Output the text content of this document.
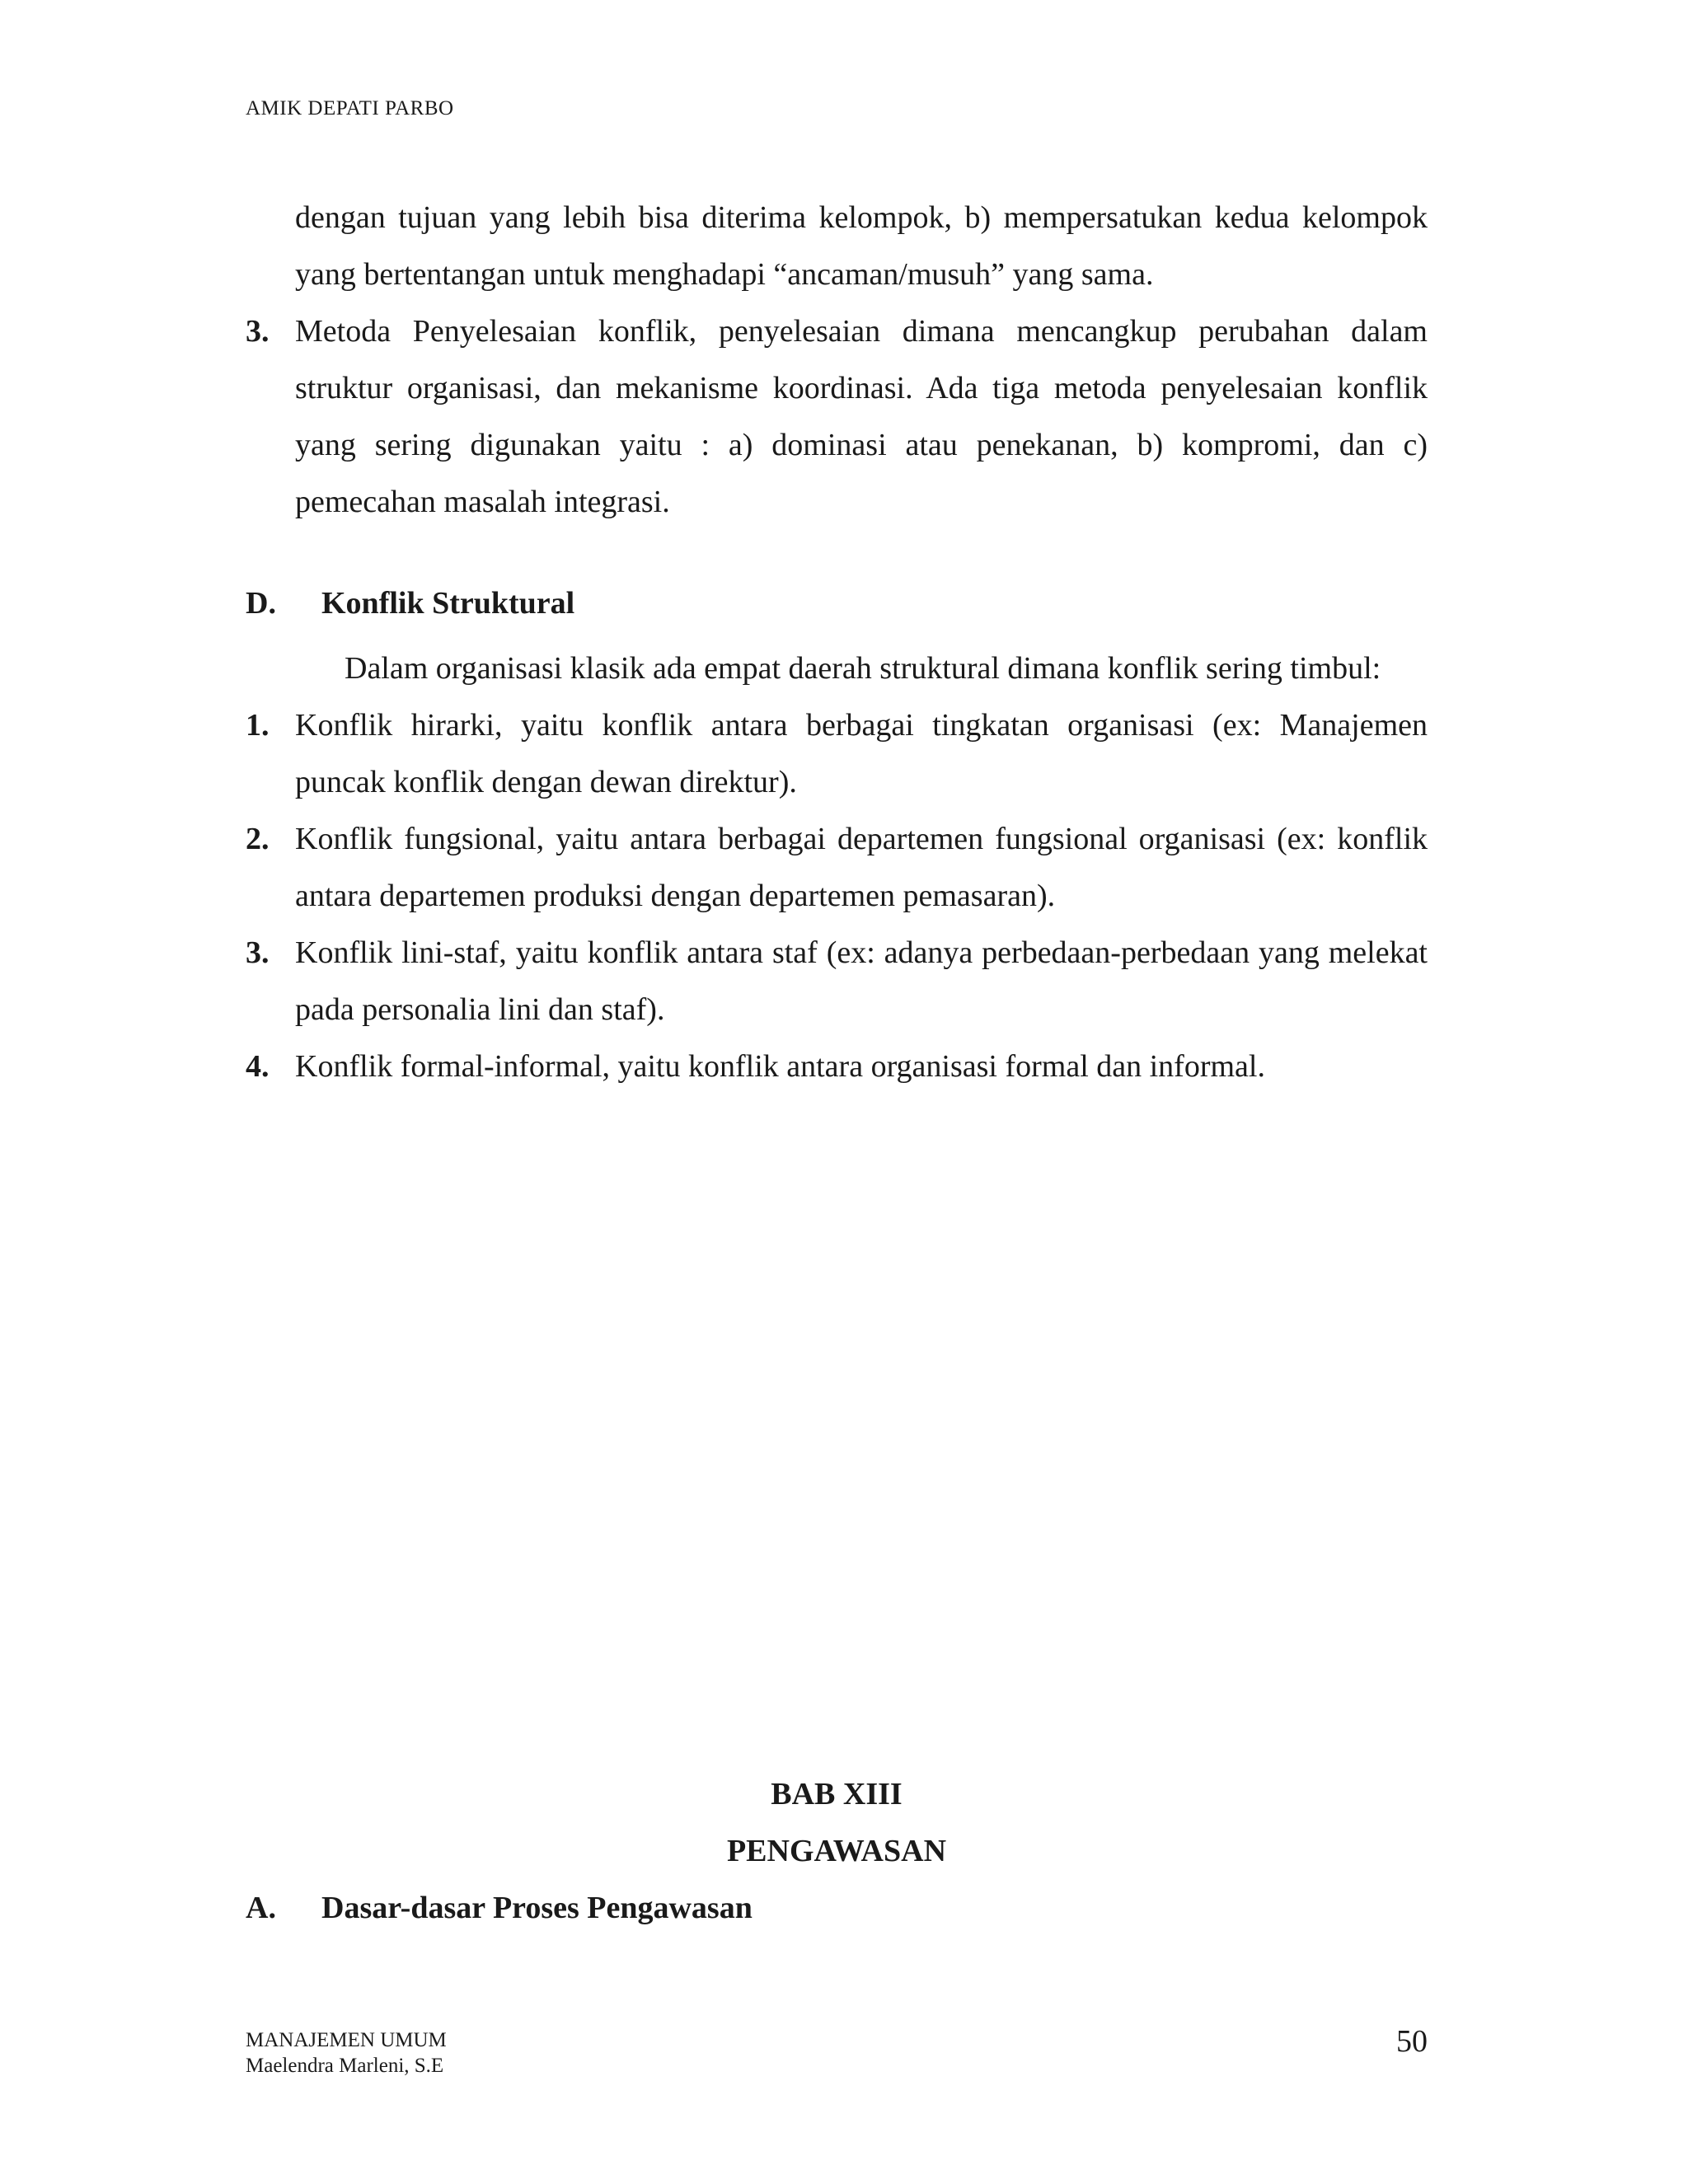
AMIK DEPATI PARBO

dengan tujuan yang lebih bisa diterima kelompok, b) mempersatukan kedua kelompok yang bertentangan untuk menghadapi “ancaman/musuh” yang sama.

3. Metoda Penyelesaian konflik, penyelesaian dimana mencangkup perubahan dalam struktur organisasi, dan mekanisme koordinasi. Ada tiga metoda penyelesaian konflik yang sering digunakan yaitu : a) dominasi atau penekanan, b) kompromi, dan c) pemecahan masalah integrasi.

D. Konflik Struktural

Dalam organisasi klasik ada empat daerah struktural dimana konflik sering timbul:

1. Konflik hirarki, yaitu konflik antara berbagai tingkatan organisasi (ex: Manajemen puncak konflik dengan dewan direktur).

2. Konflik fungsional, yaitu antara berbagai departemen fungsional organisasi (ex: konflik antara departemen produksi dengan departemen pemasaran).

3. Konflik lini-staf, yaitu konflik antara staf (ex: adanya perbedaan-perbedaan yang melekat pada personalia lini dan staf).

4. Konflik formal-informal, yaitu konflik antara organisasi formal dan informal.

BAB XIII
PENGAWASAN
A. Dasar-dasar Proses Pengawasan
MANAJEMEN UMUM
Maelendra Marleni, S.E
50
